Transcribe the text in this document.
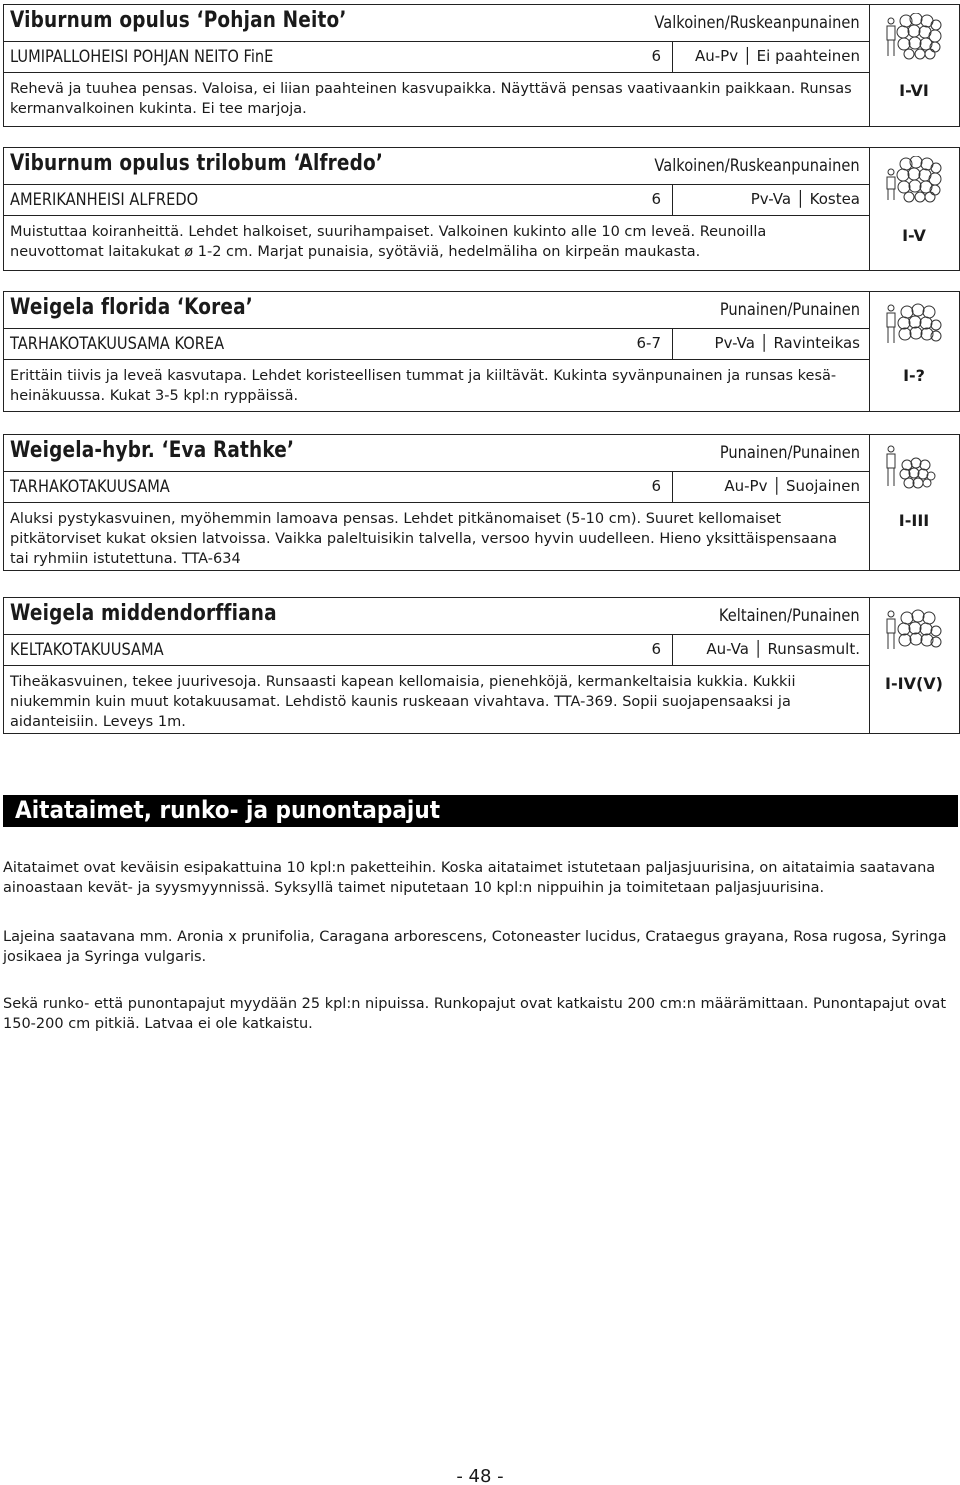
Viburnum opulus ‘Pohjan Neito’	Valkoinen/Ruskeanpunainen
LUMIPALLOHEISI POHJAN NEITO FinE	6	Au-Pv │ Ei paahteinen
Rehevä ja tuuhea pensas. Valoisa, ei liian paahteinen kasvupaikka. Näyttävä pensas vaativaankin paikkaan. Runsas kermanvalkoinen kukinta. Ei tee marjoja.
I-VI
Viburnum opulus trilobum ‘Alfredo’	Valkoinen/Ruskeanpunainen
AMERIKANHEISI ALFREDO	6	Pv-Va │ Kostea
Muistuttaa koiranheittä. Lehdet halkoiset, suurihampaiset. Valkoinen kukinto alle 10 cm leveä. Reunoilla neuvottomat laitakukat ø 1-2 cm. Marjat punaisia, syötäviä, hedelmäliha on kirpeän maukasta.
I-V
Weigela florida ‘Korea’	Punainen/Punainen
TARHAKOTAKUUSAMA KOREA	6-7	Pv-Va │ Ravinteikas
Erittäin tiivis ja leveä kasvutapa. Lehdet koristeellisen tummat ja kiiltävät. Kukinta syvänpunainen ja runsas kesä-heinäkuussa. Kukat 3-5 kpl:n ryppäissä.
I-?
Weigela-hybr. ‘Eva Rathke’	Punainen/Punainen
TARHAKOTAKUUSAMA	6	Au-Pv │ Suojainen
Aluksi pystykasvuinen, myöhemmin lamoava pensas. Lehdet pitkänomaiset (5-10 cm). Suuret kellomaiset pitkätorviset kukat oksien latvoissa. Vaikka paleltuisikin talvella, versoo hyvin uudelleen. Hieno yksittäispensaana tai ryhmiin istutettuna. TTA-634
I-III
Weigela middendorffiana	Keltainen/Punainen
KELTAKOTAKUUSAMA	6	Au-Va │ Runsasmult.
Tiheäkasvuinen, tekee juurivesoja. Runsaasti kapean kellomaisia, pienehköjä, kermankeltaisia kukkia. Kukkii niukemmin kuin muut kotakuusamat. Lehdistö kaunis ruskeaan vivahtava. TTA-369. Sopii suojapensaaksi ja aidanteisiin. Leveys 1m.
I-IV(V)
Aitataimet, runko- ja punontapajut
Aitataimet ovat keväisin esipakattuina 10 kpl:n paketteihin. Koska aitataimet istutetaan paljasjuurisina, on aitataimia saatavana ainoastaan kevät- ja syysmyynnissä. Syksyllä taimet niputetaan 10 kpl:n nippuihin ja toimitetaan paljasjuurisina.
Lajeina saatavana mm. Aronia x prunifolia, Caragana arborescens, Cotoneaster lucidus, Crataegus grayana, Rosa rugosa, Syringa josikaea ja Syringa vulgaris.
Sekä runko- että punontapajut myydään 25 kpl:n nipuissa. Runkopajut ovat katkaistu 200 cm:n määrämittaan. Punontapajut ovat 150-200 cm pitkiä. Latvaa ei ole katkaistu.
- 48 -
